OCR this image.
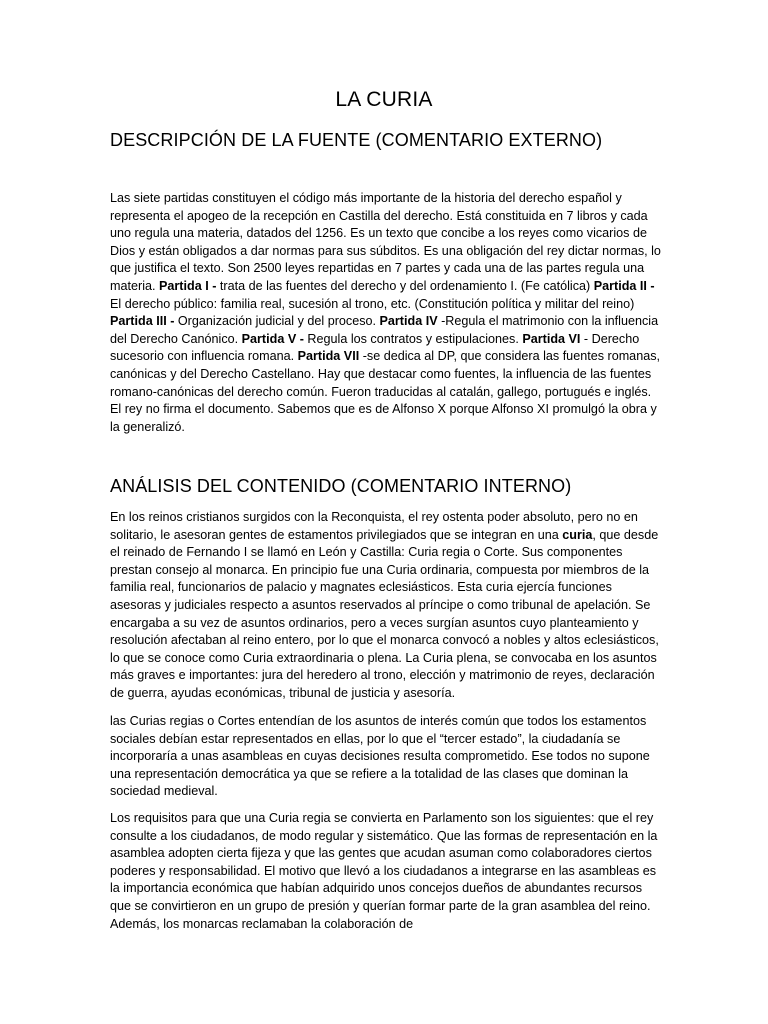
LA CURIA
DESCRIPCIÓN DE LA FUENTE (COMENTARIO EXTERNO)

Las siete partidas constituyen el código más importante de la historia del derecho español y representa el apogeo de la recepción en Castilla del derecho. Está constituida en 7 libros y cada uno regula una materia, datados del 1256. Es un texto que concibe a los reyes como vicarios de Dios y están obligados a dar normas para sus súbditos. Es una obligación del rey dictar normas, lo que justifica el texto. Son 2500 leyes repartidas en 7 partes y cada una de las partes regula una materia. Partida I - trata de las fuentes del derecho y del ordenamiento I. (Fe católica) Partida II - El derecho público: familia real, sucesión al trono, etc. (Constitución política y militar del reino) Partida III - Organización judicial y del proceso. Partida IV -Regula el matrimonio con la influencia del Derecho Canónico. Partida V - Regula los contratos y estipulaciones. Partida VI - Derecho sucesorio con influencia romana. Partida VII -se dedica al DP, que considera las fuentes romanas, canónicas y del Derecho Castellano. Hay que destacar como fuentes, la influencia de las fuentes romano-canónicas del derecho común. Fueron traducidas al catalán, gallego, portugués e inglés. El rey no firma el documento. Sabemos que es de Alfonso X porque Alfonso XI promulgó la obra y la generalizó.

ANÁLISIS DEL CONTENIDO (COMENTARIO INTERNO)

En los reinos cristianos surgidos con la Reconquista, el rey ostenta poder absoluto, pero no en solitario, le asesoran gentes de estamentos privilegiados que se integran en una curia, que desde el reinado de Fernando I se llamó en León y Castilla: Curia regia o Corte. Sus componentes prestan consejo al monarca. En principio fue una Curia ordinaria, compuesta por miembros de la familia real, funcionarios de palacio y magnates eclesiásticos. Esta curia ejercía funciones asesoras y judiciales respecto a asuntos reservados al príncipe o como tribunal de apelación. Se encargaba a su vez de asuntos ordinarios, pero a veces surgían asuntos cuyo planteamiento y resolución afectaban al reino entero, por lo que el monarca convocó a nobles y altos eclesiásticos, lo que se conoce como Curia extraordinaria o plena. La Curia plena, se convocaba en los asuntos más graves e importantes: jura del heredero al trono, elección y matrimonio de reyes, declaración de guerra, ayudas económicas, tribunal de justicia y asesoría.

las Curias regias o Cortes entendían de los asuntos de interés común que todos los estamentos sociales debían estar representados en ellas, por lo que el “tercer estado”, la ciudadanía se incorporaría a unas asambleas en cuyas decisiones resulta comprometido. Ese todos no supone una representación democrática ya que se refiere a la totalidad de las clases que dominan la sociedad medieval.

Los requisitos para que una Curia regia se convierta en Parlamento son los siguientes: que el rey consulte a los ciudadanos, de modo regular y sistemático. Que las formas de representación en la asamblea adopten cierta fijeza y que las gentes que acudan asuman como colaboradores ciertos poderes y responsabilidad. El motivo que llevó a los ciudadanos a integrarse en las asambleas es la importancia económica que habían adquirido unos concejos dueños de abundantes recursos que se convirtieron en un grupo de presión y querían formar parte de la gran asamblea del reino. Además, los monarcas reclamaban la colaboración de
